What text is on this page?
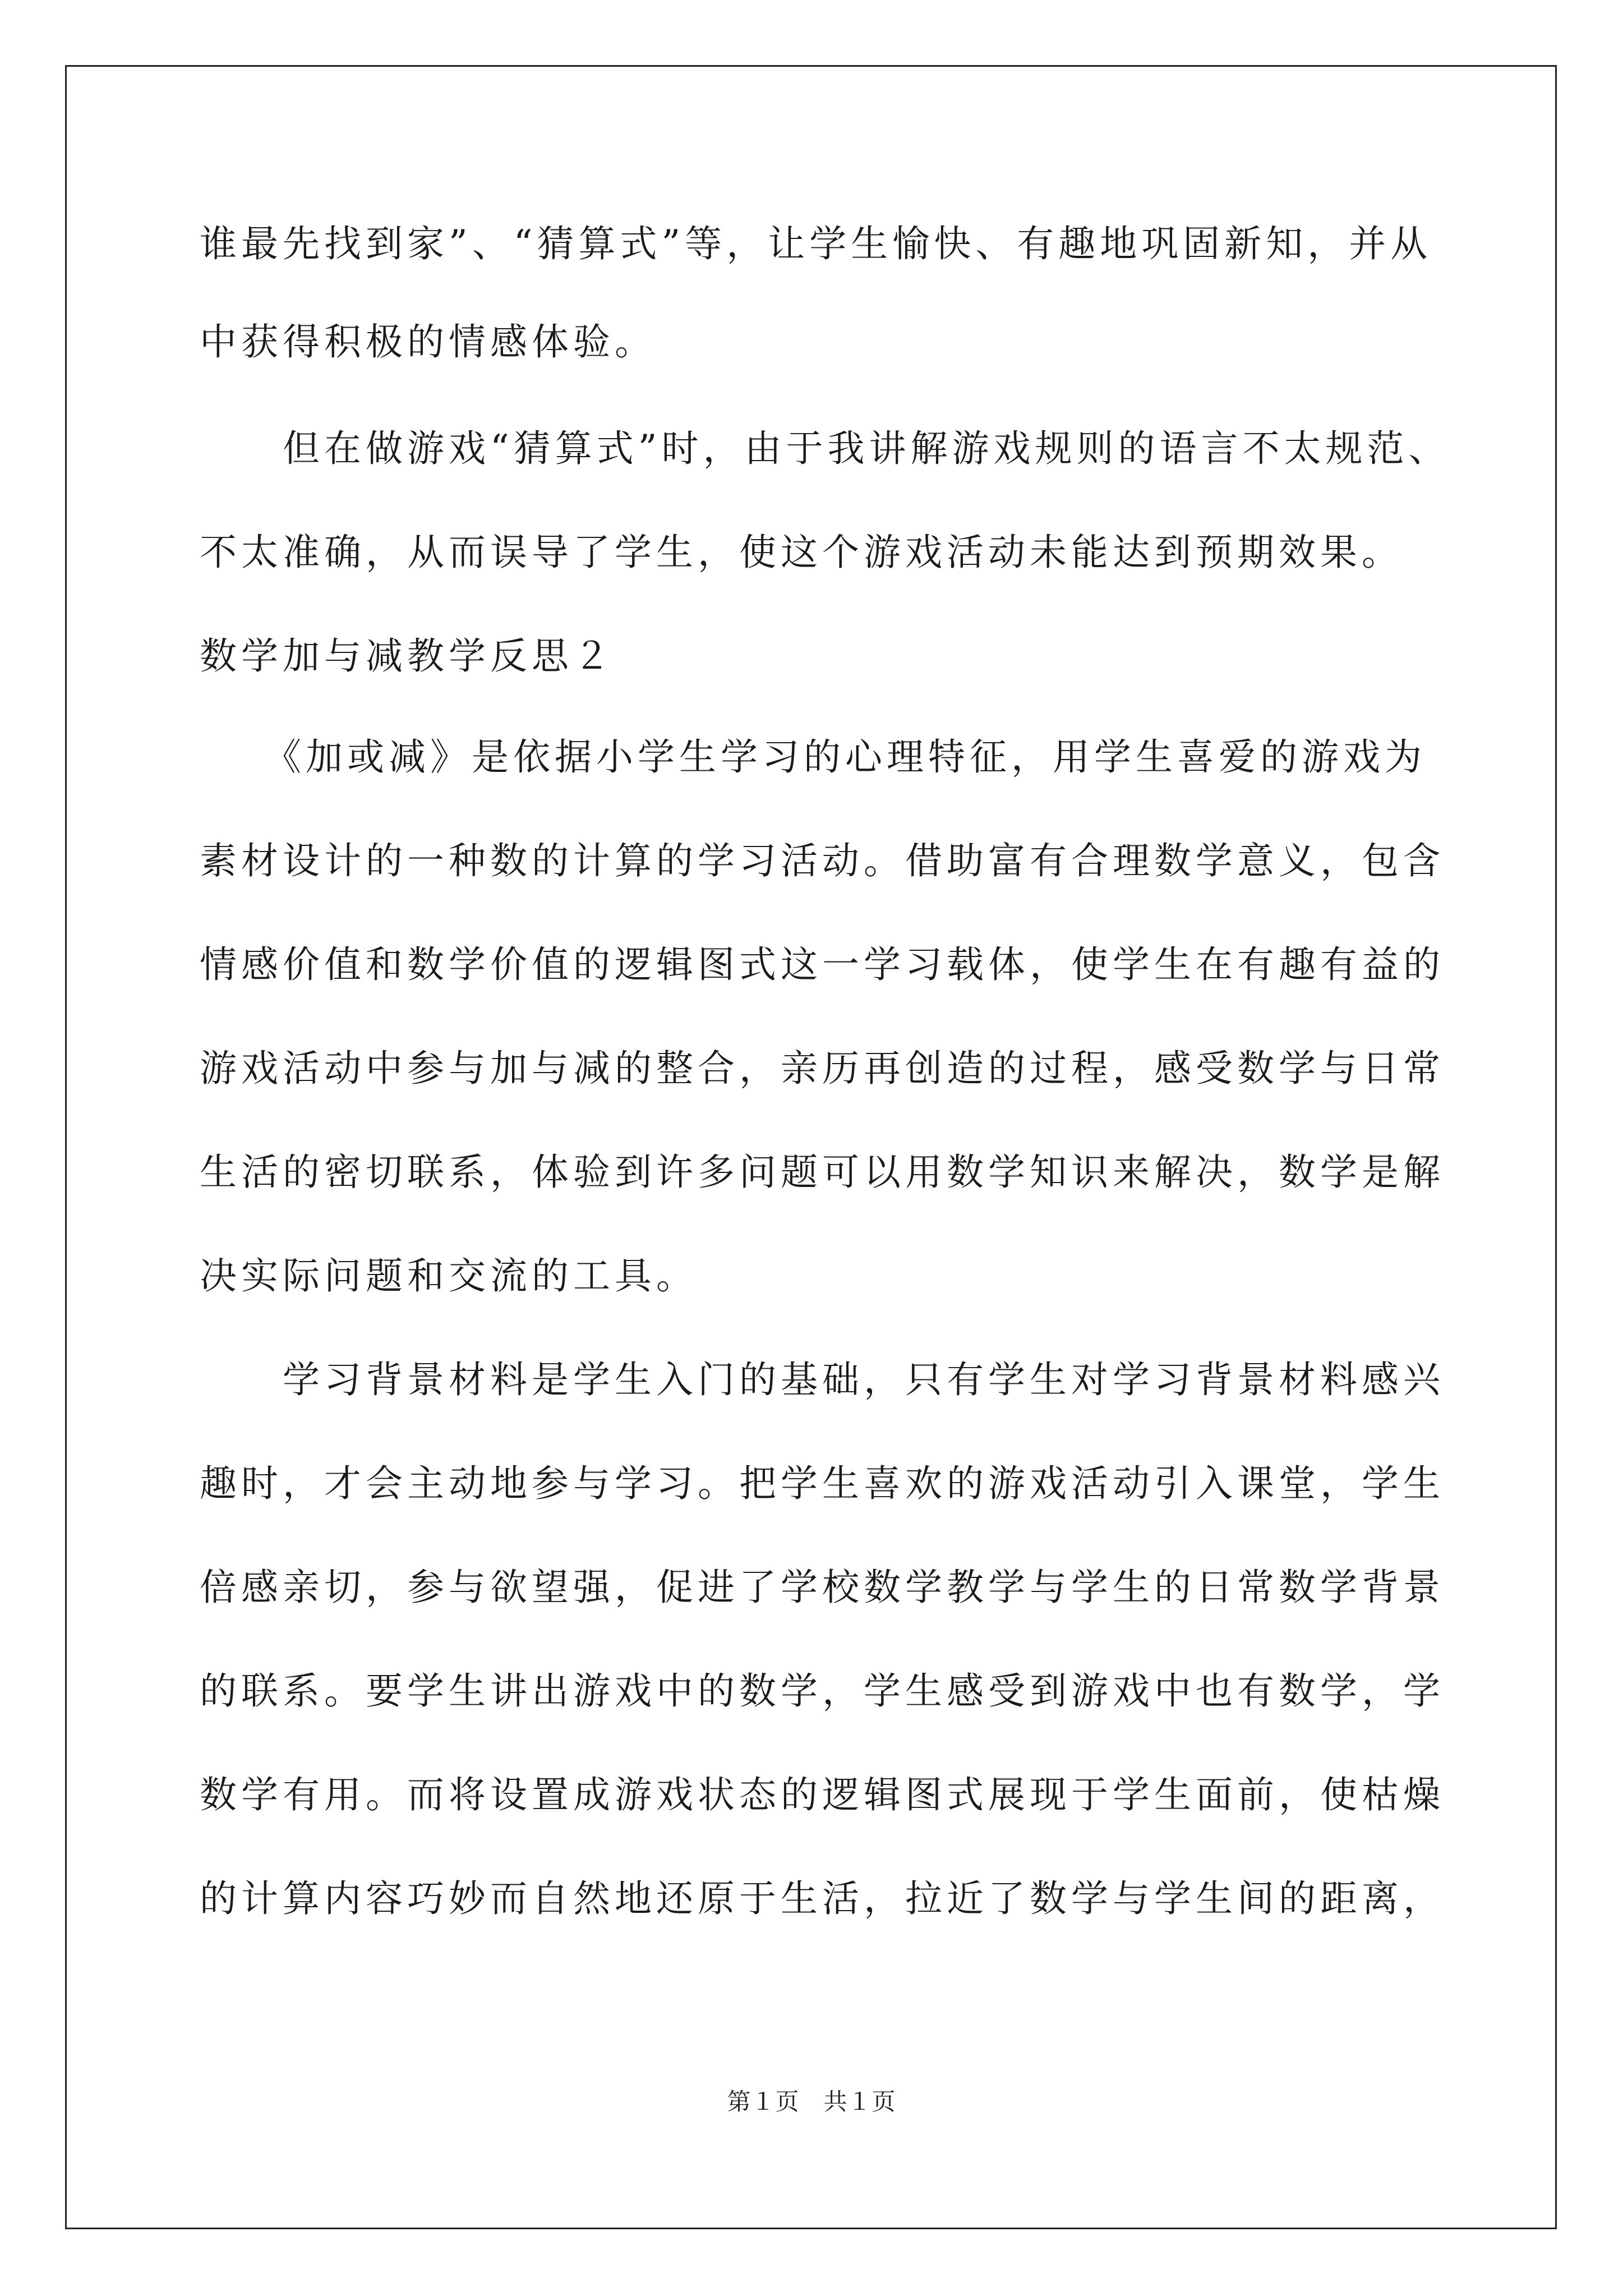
谁最先找到家”、“猜算式”等，让学生愉快、有趣地巩固新知，并从
中获得积极的情感体验。
　　但在做游戏“猜算式”时，由于我讲解游戏规则的语言不太规范、
不太准确，从而误导了学生，使这个游戏活动未能达到预期效果。
数学加与减教学反思２
　　《加或减》是依据小学生学习的心理特征，用学生喜爱的游戏为
素材设计的一种数的计算的学习活动。借助富有合理数学意义，包含
情感价值和数学价值的逻辑图式这一学习载体，使学生在有趣有益的
游戏活动中参与加与减的整合，亲历再创造的过程，感受数学与日常
生活的密切联系，体验到许多问题可以用数学知识来解决，数学是解
决实际问题和交流的工具。
　　学习背景材料是学生入门的基础，只有学生对学习背景材料感兴
趣时，才会主动地参与学习。把学生喜欢的游戏活动引入课堂，学生
倍感亲切，参与欲望强，促进了学校数学教学与学生的日常数学背景
的联系。要学生讲出游戏中的数学，学生感受到游戏中也有数学，学
数学有用。而将设置成游戏状态的逻辑图式展现于学生面前，使枯燥
的计算内容巧妙而自然地还原于生活，拉近了数学与学生间的距离，
第１页　共１页
